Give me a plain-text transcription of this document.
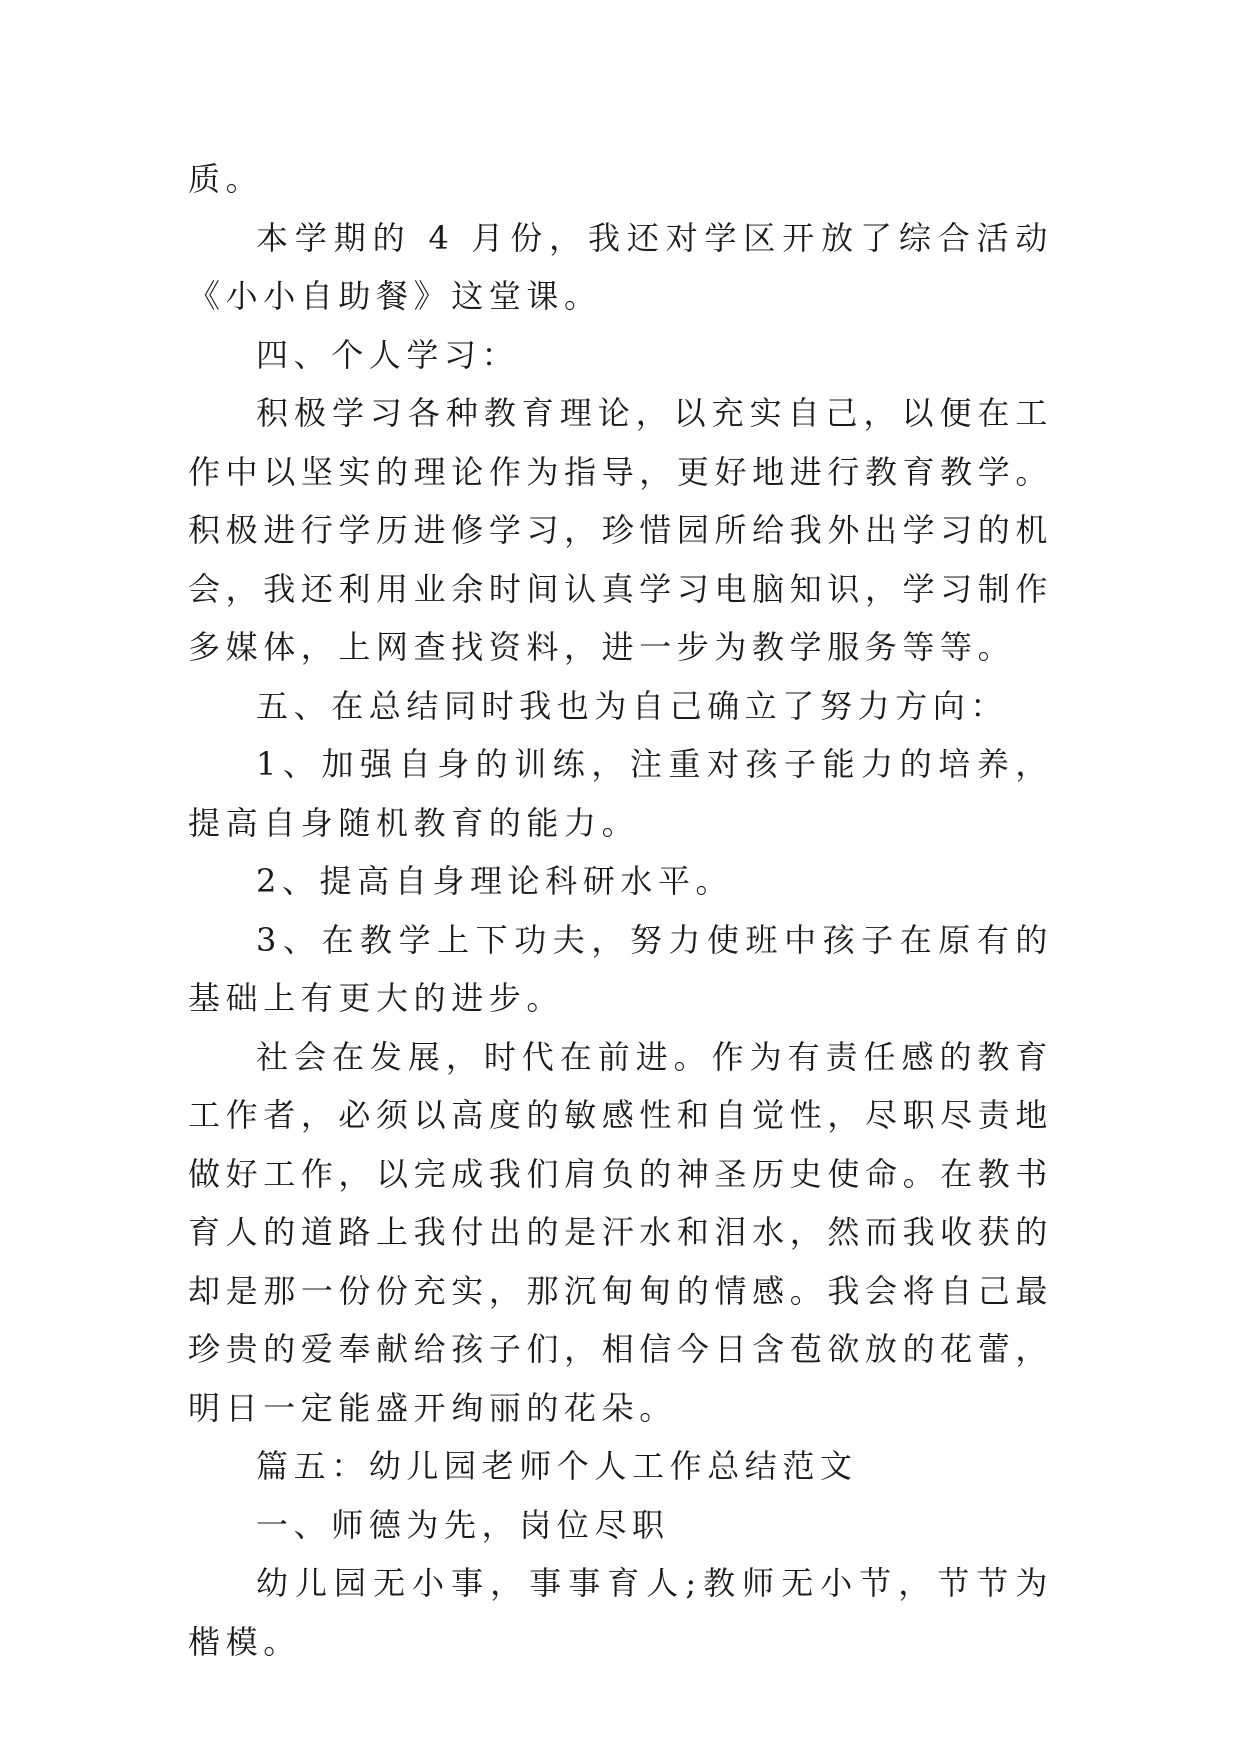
质。

本学期的 4 月份，我还对学区开放了综合活动《小小自助餐》这堂课。

四、个人学习：

积极学习各种教育理论，以充实自己，以便在工作中以坚实的理论作为指导，更好地进行教育教学。积极进行学历进修学习，珍惜园所给我外出学习的机会，我还利用业余时间认真学习电脑知识，学习制作多媒体，上网查找资料，进一步为教学服务等等。

五、在总结同时我也为自己确立了努力方向：

1、加强自身的训练，注重对孩子能力的培养，提高自身随机教育的能力。

2、提高自身理论科研水平。

3、在教学上下功夫，努力使班中孩子在原有的基础上有更大的进步。

社会在发展，时代在前进。作为有责任感的教育工作者，必须以高度的敏感性和自觉性，尽职尽责地做好工作，以完成我们肩负的神圣历史使命。在教书育人的道路上我付出的是汗水和泪水，然而我收获的却是那一份份充实，那沉甸甸的情感。我会将自己最珍贵的爱奉献给孩子们，相信今日含苞欲放的花蕾，明日一定能盛开绚丽的花朵。

篇五：幼儿园老师个人工作总结范文

一、师德为先，岗位尽职

幼儿园无小事，事事育人;教师无小节，节节为楷模。
